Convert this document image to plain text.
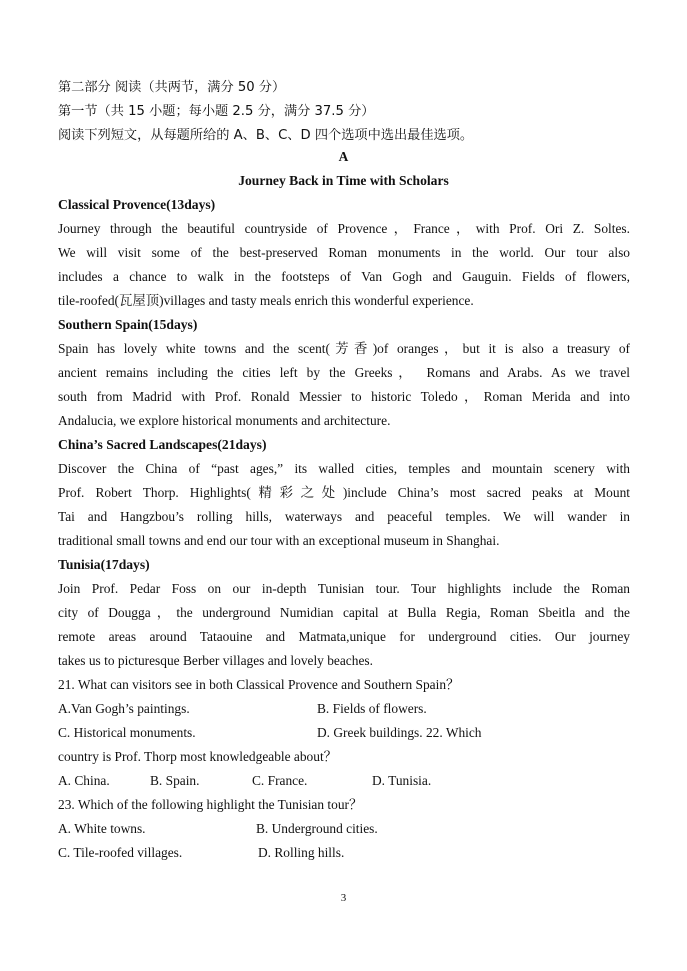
第二部分 阅读（共两节，满分 50 分）
第一节（共 15 小题；每小题 2.5 分，满分 37.5 分）
阅读下列短文，从每题所给的 A、B、C、D 四个选项中选出最佳选项。
A
Journey Back in Time with Scholars
Classical Provence(13days)
Journey through the beautiful countryside of Provence，France，with Prof. Ori Z. Soltes.
We will visit some of the best-preserved Roman monuments in the world. Our tour also
includes a chance to walk in the footsteps of Van Gogh and Gauguin. Fields of flowers,
tile-roofed(瓦屋顶)villages and tasty meals enrich this wonderful experience.
Southern Spain(15days)
Spain has lovely white towns and the scent(芳香)of oranges，but it is also a treasury of
ancient remains including the cities left by the Greeks， Romans and Arabs. As we travel
south from Madrid with Prof. Ronald Messier to historic Toledo，Roman Merida and into
Andalucia, we explore historical monuments and architecture.
China’s Sacred Landscapes(21days)
Discover the China of “past ages,” its walled cities, temples and mountain scenery with
Prof. Robert Thorp. Highlights(精彩之处)include China’s most sacred peaks at Mount
Tai and Hangzbou’s rolling hills, waterways and peaceful temples. We will wander in
traditional small towns and end our tour with an exceptional museum in Shanghai.
Tunisia(17days)
Join Prof. Pedar Foss on our in-depth Tunisian tour. Tour highlights include the Roman
city of Dougga，the underground Numidian capital at Bulla Regia, Roman Sbeitla and the
remote areas around Tataouine and Matmata,unique for underground cities. Our journey
takes us to picturesque Berber villages and lovely beaches.
21. What can visitors see in both Classical Provence and Southern Spain？
A.Van Gogh’s paintings.	B. Fields of flowers.
C. Historical monuments.	D. Greek buildings. 22. Which
country is Prof. Thorp most knowledgeable about？
A. China.	B. Spain.	C. France.	D. Tunisia.
23. Which of the following highlight the Tunisian tour？
A. White towns.	B. Underground cities.
C. Tile-roofed villages.	D. Rolling hills.
3
